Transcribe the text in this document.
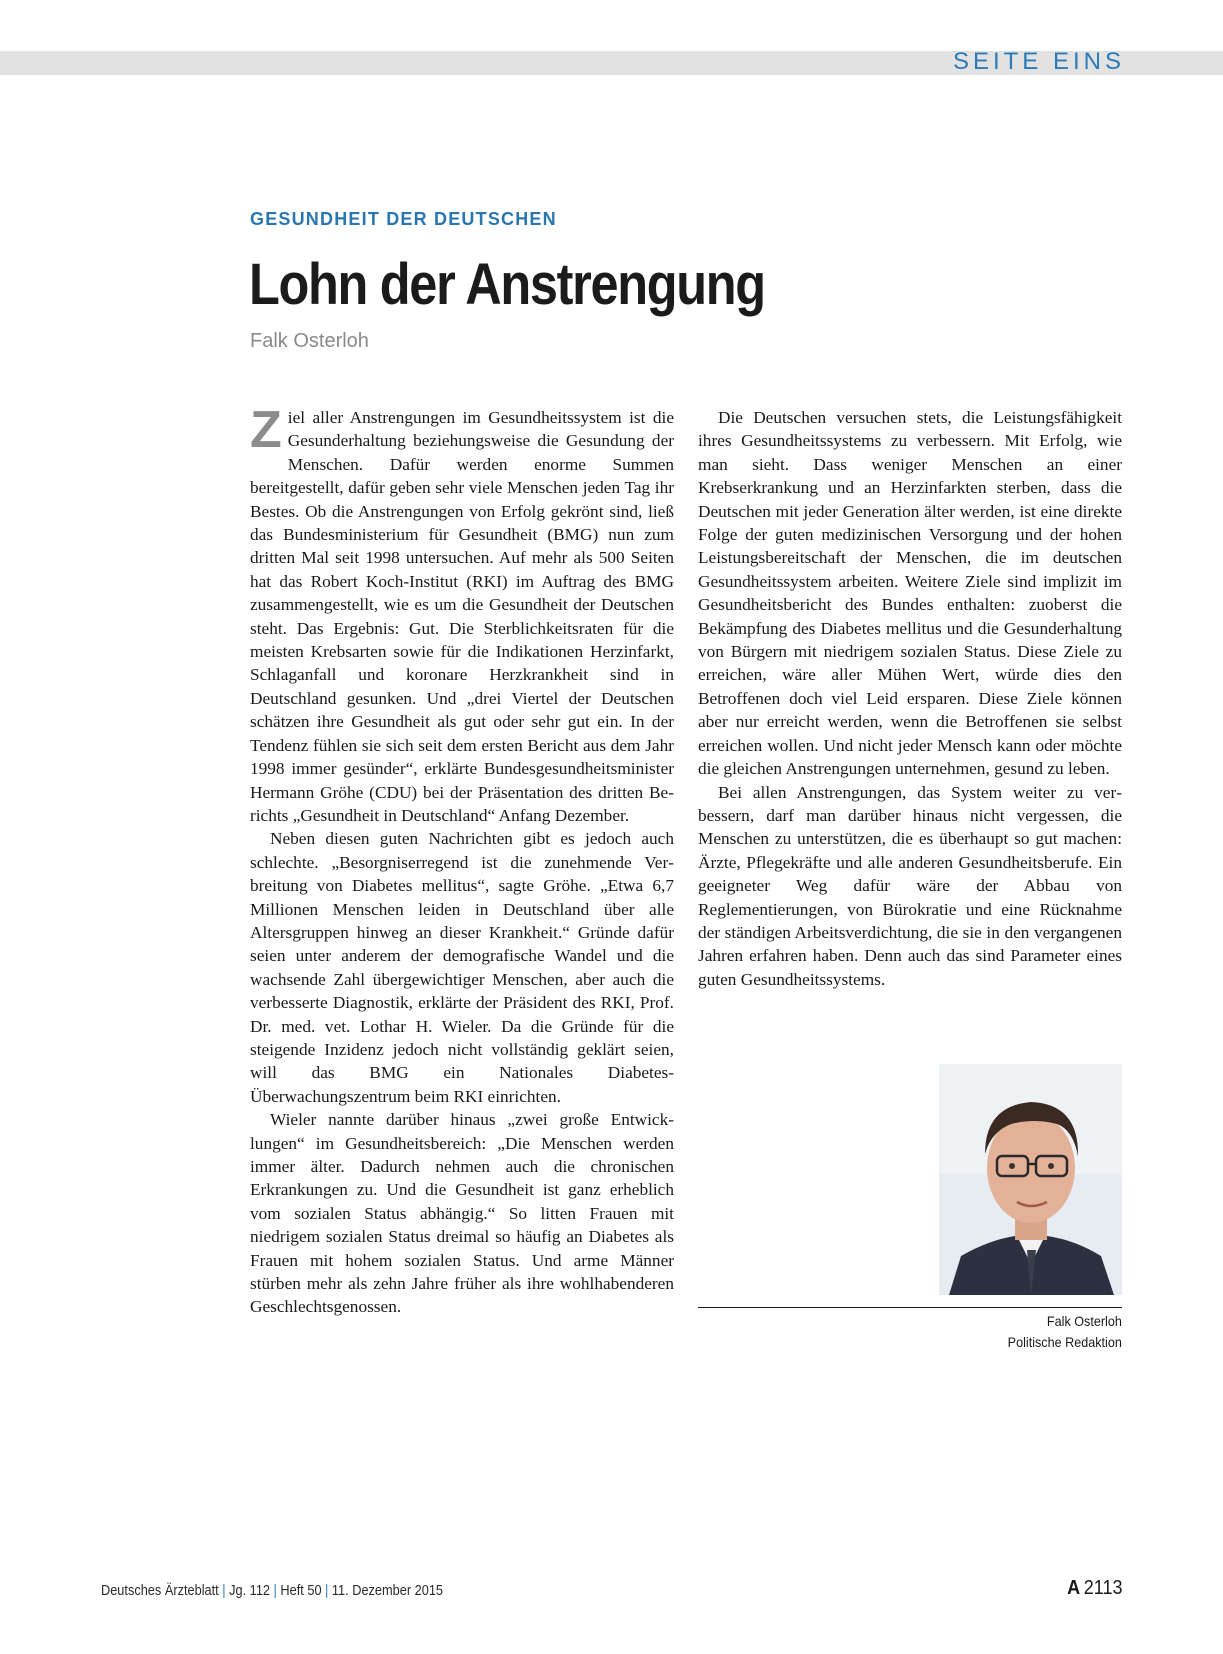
SEITE EINS
GESUNDHEIT DER DEUTSCHEN
Lohn der Anstrengung
Falk Osterloh

Ziel aller Anstrengungen im Gesundheitssystem ist die Gesunderhaltung beziehungsweise die Gesundung der Menschen. Dafür werden enorme Summen bereitgestellt, dafür geben sehr viele Menschen jeden Tag ihr Bestes. Ob die Anstrengungen von Erfolg gekrönt sind, ließ das Bundesministerium für Gesundheit (BMG) nun zum dritten Mal seit 1998 untersuchen. Auf mehr als 500 Seiten hat das Robert Koch-Institut (RKI) im Auftrag des BMG zusammengestellt, wie es um die Gesundheit der Deutschen steht. Das Ergebnis: Gut. Die Sterblichkeitsraten für die meisten Krebsarten sowie für die Indikationen Herzinfarkt, Schlaganfall und koronare Herzkrankheit sind in Deutschland gesunken. Und „drei Viertel der Deutschen schätzen ihre Gesundheit als gut oder sehr gut ein. In der Tendenz fühlen sie sich seit dem ersten Bericht aus dem Jahr 1998 immer gesünder“, erklärte Bundesgesundheitsminister Hermann Gröhe (CDU) bei der Präsentation des dritten Berichts „Gesundheit in Deutschland“ Anfang Dezember.

Neben diesen guten Nachrichten gibt es jedoch auch schlechte. „Besorgniserregend ist die zunehmende Verbreitung von Diabetes mellitus“, sagte Gröhe. „Etwa 6,7 Millionen Menschen leiden in Deutschland über alle Altersgruppen hinweg an dieser Krankheit.“ Gründe dafür seien unter anderem der demografische Wandel und die wachsende Zahl übergewichtiger Menschen, aber auch die verbesserte Diagnostik, erklärte der Präsident des RKI, Prof. Dr. med. vet. Lothar H. Wieler. Da die Gründe für die steigende Inzidenz jedoch nicht vollständig geklärt seien, will das BMG ein Nationales Diabetes-Überwachungszentrum beim RKI einrichten.

Wieler nannte darüber hinaus „zwei große Entwicklungen“ im Gesundheitsbereich: „Die Menschen werden immer älter. Dadurch nehmen auch die chronischen Erkrankungen zu. Und die Gesundheit ist ganz erheblich vom sozialen Status abhängig.“ So litten Frauen mit niedrigem sozialen Status dreimal so häufig an Diabetes als Frauen mit hohem sozialen Status. Und arme Männer stürben mehr als zehn Jahre früher als ihre wohlhabenderen Geschlechtsgenossen.

Die Deutschen versuchen stets, die Leistungsfähigkeit ihres Gesundheitssystems zu verbessern. Mit Erfolg, wie man sieht. Dass weniger Menschen an einer Krebserkrankung und an Herzinfarkten sterben, dass die Deutschen mit jeder Generation älter werden, ist eine direkte Folge der guten medizinischen Versorgung und der hohen Leistungsbereitschaft der Menschen, die im deutschen Gesundheitssystem arbeiten. Weitere Ziele sind implizit im Gesundheitsbericht des Bundes enthalten: zuoberst die Bekämpfung des Diabetes mellitus und die Gesunderhaltung von Bürgern mit niedrigem sozialen Status. Diese Ziele zu erreichen, wäre aller Mühen Wert, würde dies den Betroffenen doch viel Leid ersparen. Diese Ziele können aber nur erreicht werden, wenn die Betroffenen sie selbst erreichen wollen. Und nicht jeder Mensch kann oder möchte die gleichen Anstrengungen unternehmen, gesund zu leben.

Bei allen Anstrengungen, das System weiter zu verbessern, darf man darüber hinaus nicht vergessen, die Menschen zu unterstützen, die es überhaupt so gut machen: Ärzte, Pflegekräfte und alle anderen Gesundheitsberufe. Ein geeigneter Weg dafür wäre der Abbau von Reglementierungen, von Bürokratie und eine Rücknahme der ständigen Arbeitsverdichtung, die sie in den vergangenen Jahren erfahren haben. Denn auch das sind Parameter eines guten Gesundheitssystems.

Falk Osterloh
Politische Redaktion
Deutsches Ärzteblatt | Jg. 112 | Heft 50 | 11. Dezember 2015	A 2113
